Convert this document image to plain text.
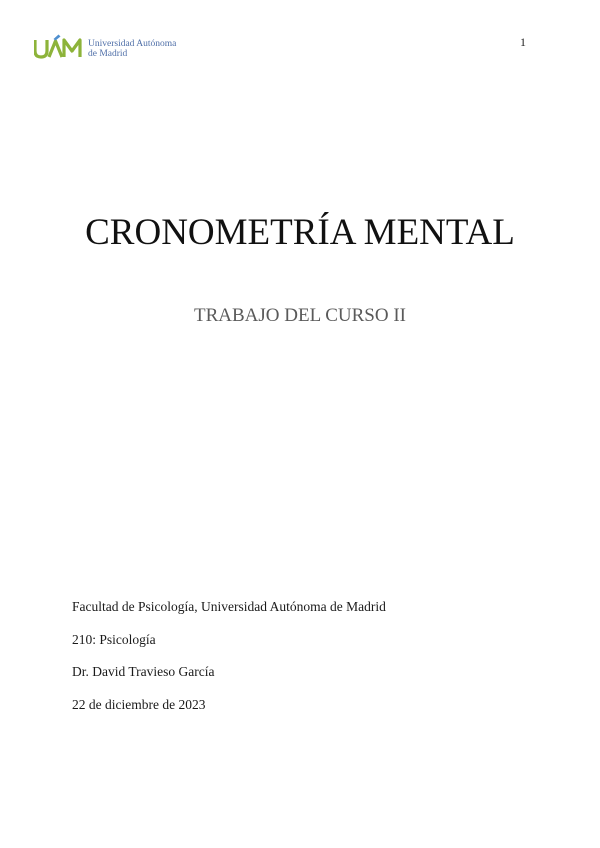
Universidad Autónoma
de Madrid
1
CRONOMETRÍA MENTAL
TRABAJO DEL CURSO II
Facultad de Psicología, Universidad Autónoma de Madrid
210: Psicología
Dr. David Travieso García
22 de diciembre de 2023
